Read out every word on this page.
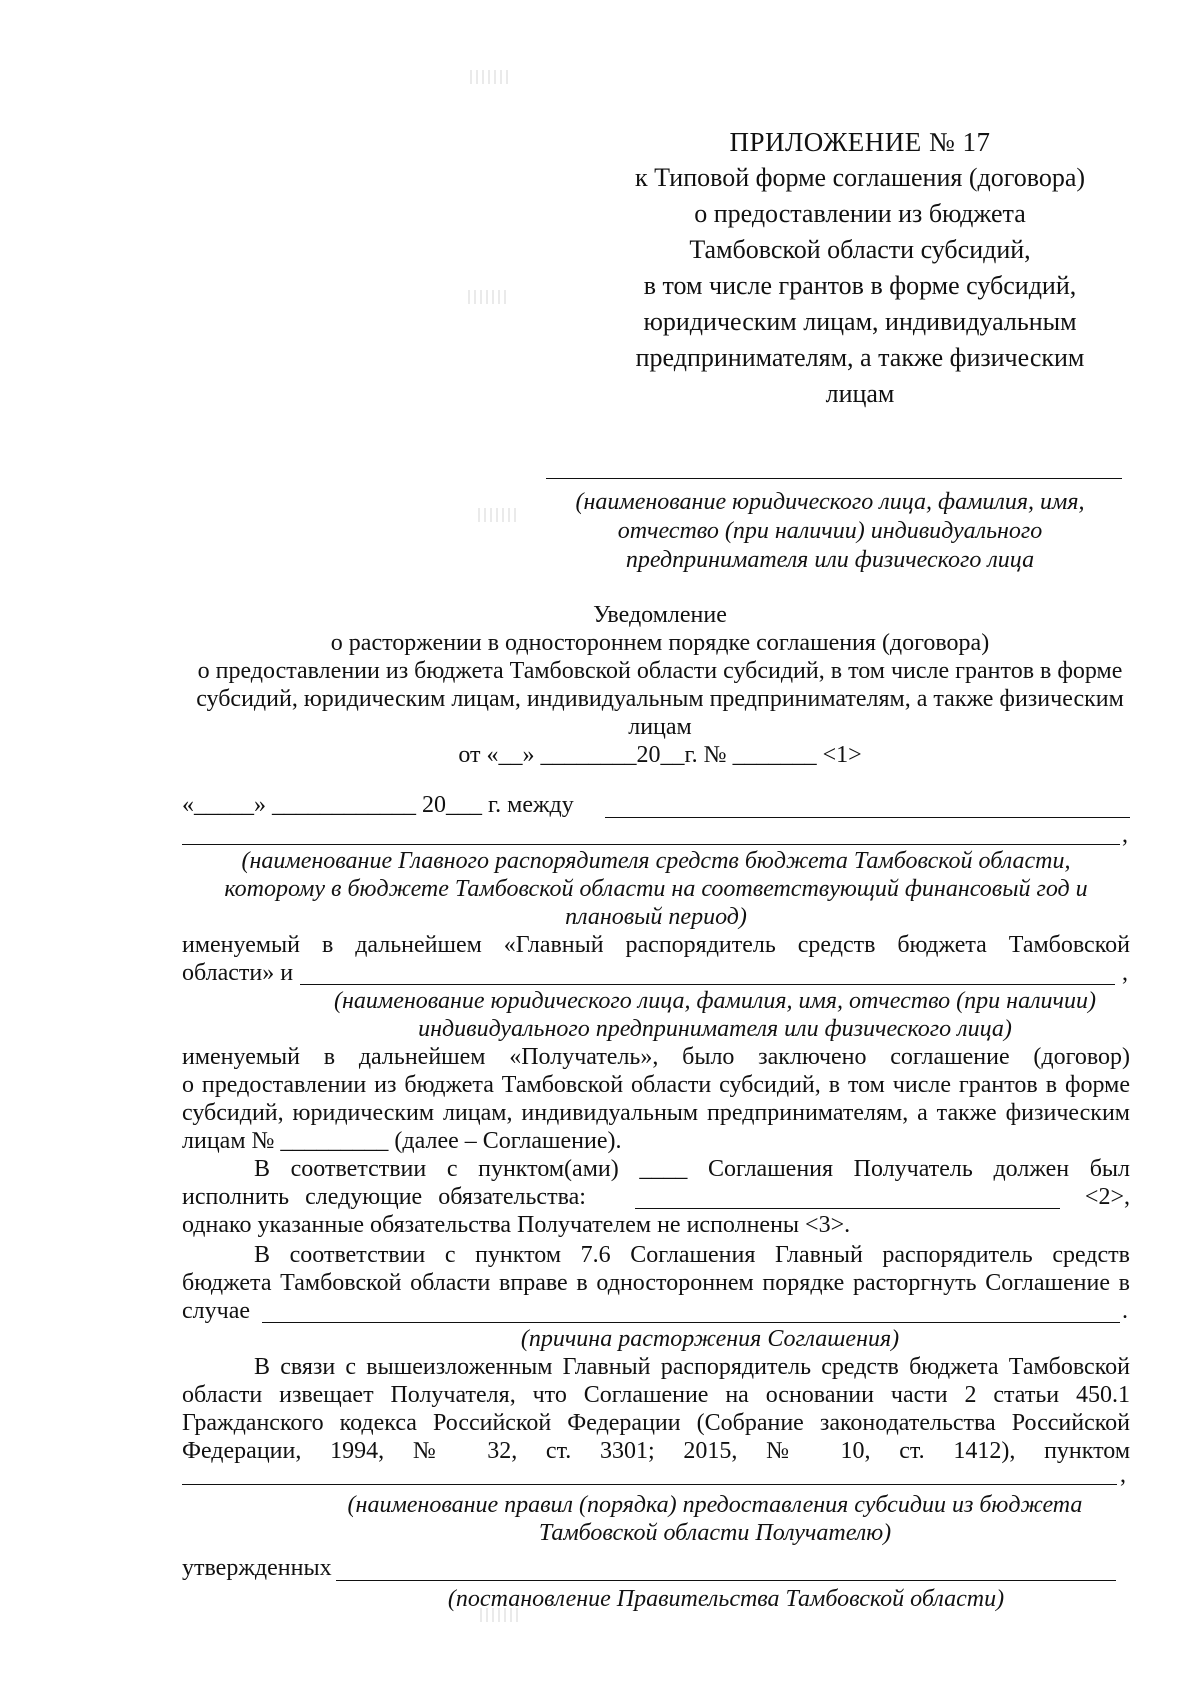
ПРИЛОЖЕНИЕ № 17
к Типовой форме соглашения (договора)
о предоставлении из бюджета
Тамбовской области субсидий,
в том числе грантов в форме субсидий,
юридическим лицам, индивидуальным
предпринимателям, а также физическим
лицам
(наименование юридического лица, фамилия, имя,
отчество (при наличии) индивидуального
предпринимателя или физического лица
Уведомление
о расторжении в одностороннем порядке соглашения (договора)
о предоставлении из бюджета Тамбовской области субсидий, в том числе грантов в форме
субсидий, юридическим лицам, индивидуальным предпринимателям, а также физическим
лицам
от «__» ________20__г. № _______ <1>
«_____» ____________ 20___ г. между
,
(наименование Главного распорядителя средств бюджета Тамбовской области,
которому в бюджете Тамбовской области на соответствующий финансовый год и
плановый период)
именуемый в дальнейшем «Главный распорядитель средств бюджета Тамбовской
области» и	,
(наименование юридического лица, фамилия, имя, отчество (при наличии)
индивидуального предпринимателя или физического лица)
именуемый в дальнейшем «Получатель», было заключено соглашение (договор)
о предоставлении из бюджета Тамбовской области субсидий, в том числе грантов в форме
субсидий, юридическим лицам, индивидуальным предпринимателям, а также физическим
лицам № _________ (далее – Соглашение).
В соответствии с пунктом(ами) ____ Соглашения Получатель должен был
исполнить следующие обязательства:	<2>,
однако указанные обязательства Получателем не исполнены <3>.
В соответствии с пунктом 7.6 Соглашения Главный распорядитель средств
бюджета Тамбовской области вправе в одностороннем порядке расторгнуть Соглашение в
случае	.
(причина расторжения Соглашения)
В связи с вышеизложенным Главный распорядитель средств бюджета Тамбовской
области извещает Получателя, что Соглашение на основании части 2 статьи 450.1
Гражданского кодекса Российской Федерации (Собрание законодательства Российской
Федерации, 1994, № 32, ст. 3301; 2015, № 10, ст. 1412), пунктом
,
(наименование правил (порядка) предоставления субсидии из бюджета
Тамбовской области Получателю)
утвержденных
(постановление Правительства Тамбовской области)
